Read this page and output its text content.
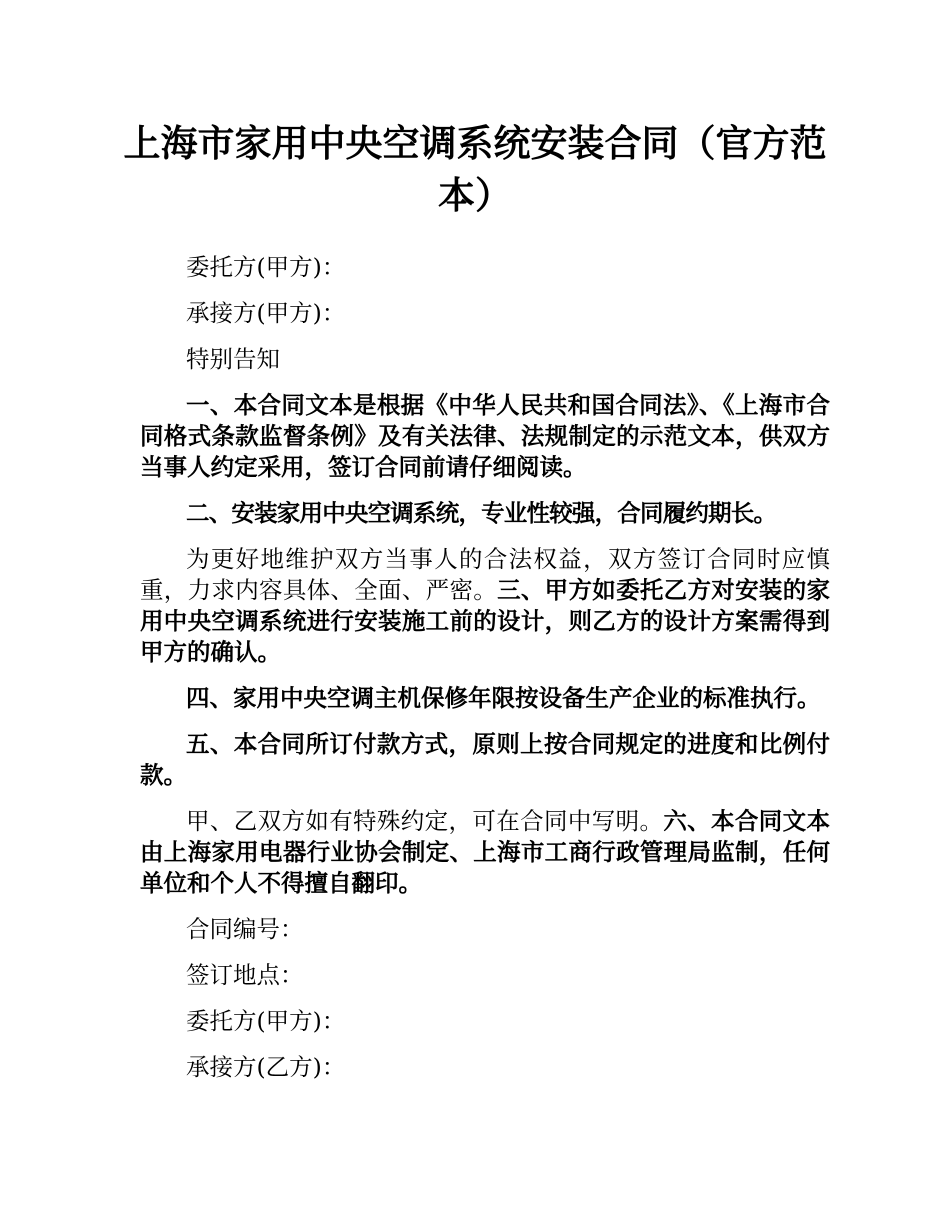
上海市家用中央空调系统安装合同（官方范本）

委托方(甲方)：

承接方(甲方)：

特别告知

一、本合同文本是根据《中华人民共和国合同法》、《上海市合同格式条款监督条例》及有关法律、法规制定的示范文本，供双方当事人约定采用，签订合同前请仔细阅读。

二、安装家用中央空调系统，专业性较强，合同履约期长。

为更好地维护双方当事人的合法权益，双方签订合同时应慎重，力求内容具体、全面、严密。三、甲方如委托乙方对安装的家用中央空调系统进行安装施工前的设计，则乙方的设计方案需得到甲方的确认。

四、家用中央空调主机保修年限按设备生产企业的标准执行。

五、本合同所订付款方式，原则上按合同规定的进度和比例付款。

甲、乙双方如有特殊约定，可在合同中写明。六、本合同文本由上海家用电器行业协会制定、上海市工商行政管理局监制，任何单位和个人不得擅自翻印。

合同编号：

签订地点：

委托方(甲方)：

承接方(乙方)：
